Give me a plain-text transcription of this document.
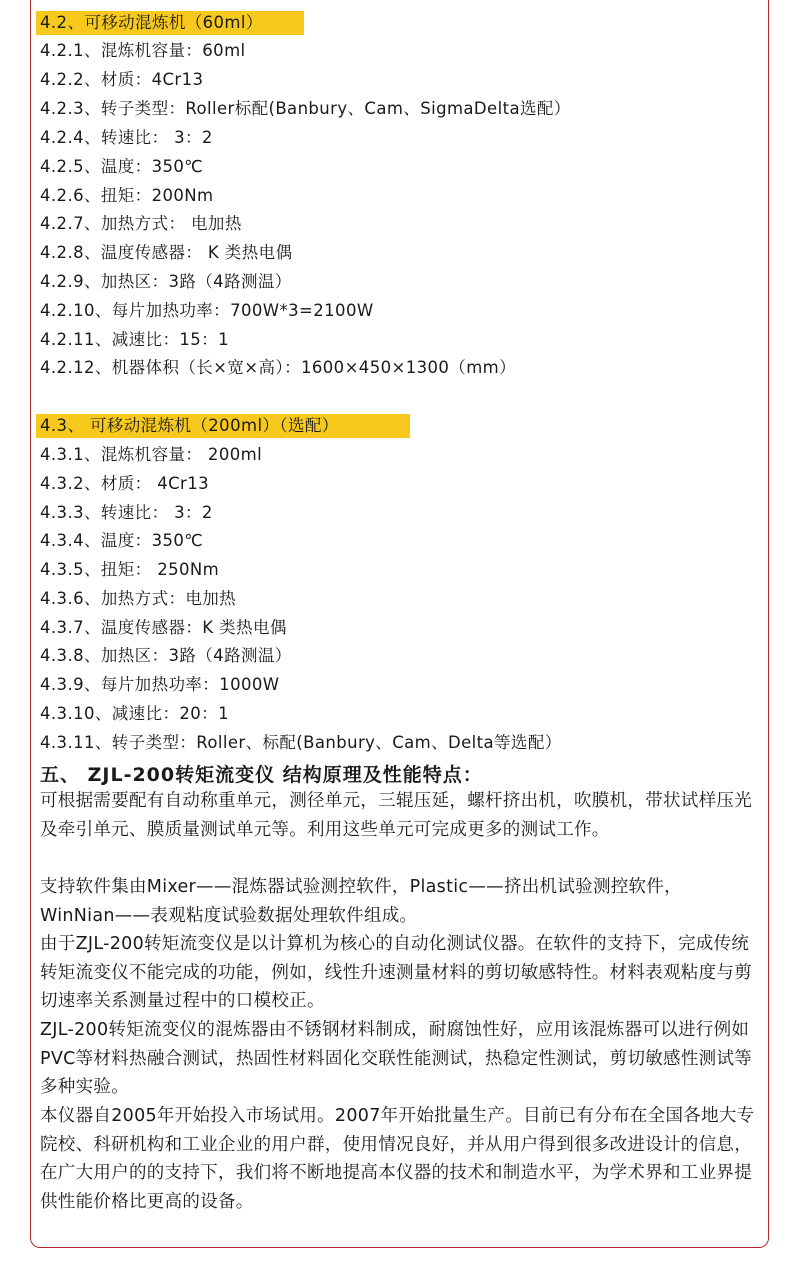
4.2、可移动混炼机（60ml）
4.2.1、混炼机容量：60ml
4.2.2、材质：4Cr13
4.2.3、转子类型：Roller标配(Banbury、Cam、SigmaDelta选配）
4.2.4、转速比： 3：2
4.2.5、温度：350℃
4.2.6、扭矩：200Nm
4.2.7、加热方式： 电加热
4.2.8、温度传感器： K 类热电偶
4.2.9、加热区：3路（4路测温）
4.2.10、每片加热功率：700W*3=2100W
4.2.11、减速比：15：1
4.2.12、机器体积（长×宽×高）：1600×450×1300（mm）
4.3、 可移动混炼机（200ml）（选配）
4.3.1、混炼机容量： 200ml
4.3.2、材质： 4Cr13
4.3.3、转速比： 3：2
4.3.4、温度：350℃
4.3.5、扭矩： 250Nm
4.3.6、加热方式：电加热
4.3.7、温度传感器：K 类热电偶
4.3.8、加热区：3路（4路测温）
4.3.9、每片加热功率：1000W
4.3.10、减速比：20：1
4.3.11、转子类型：Roller、标配(Banbury、Cam、Delta等选配）
五、 ZJL-200转矩流变仪 结构原理及性能特点：
可根据需要配有自动称重单元，测径单元，三辊压延，螺杆挤出机，吹膜机，带状试样压光及牵引单元、膜质量测试单元等。利用这些单元可完成更多的测试工作。
支持软件集由Mixer——混炼器试验测控软件，Plastic——挤出机试验测控软件，WinNian——表观粘度试验数据处理软件组成。
由于ZJL-200转矩流变仪是以计算机为核心的自动化测试仪器。在软件的支持下，完成传统转矩流变仪不能完成的功能，例如，线性升速测量材料的剪切敏感特性。材料表观粘度与剪切速率关系测量过程中的口模校正。
ZJL-200转矩流变仪的混炼器由不锈钢材料制成，耐腐蚀性好，应用该混炼器可以进行例如PVC等材料热融合测试，热固性材料固化交联性能测试，热稳定性测试，剪切敏感性测试等多种实验。
本仪器自2005年开始投入市场试用。2007年开始批量生产。目前已有分布在全国各地大专院校、科研机构和工业企业的用户群，使用情况良好，并从用户得到很多改进设计的信息，在广大用户的的支持下，我们将不断地提高本仪器的技术和制造水平，为学术界和工业界提供性能价格比更高的设备。
